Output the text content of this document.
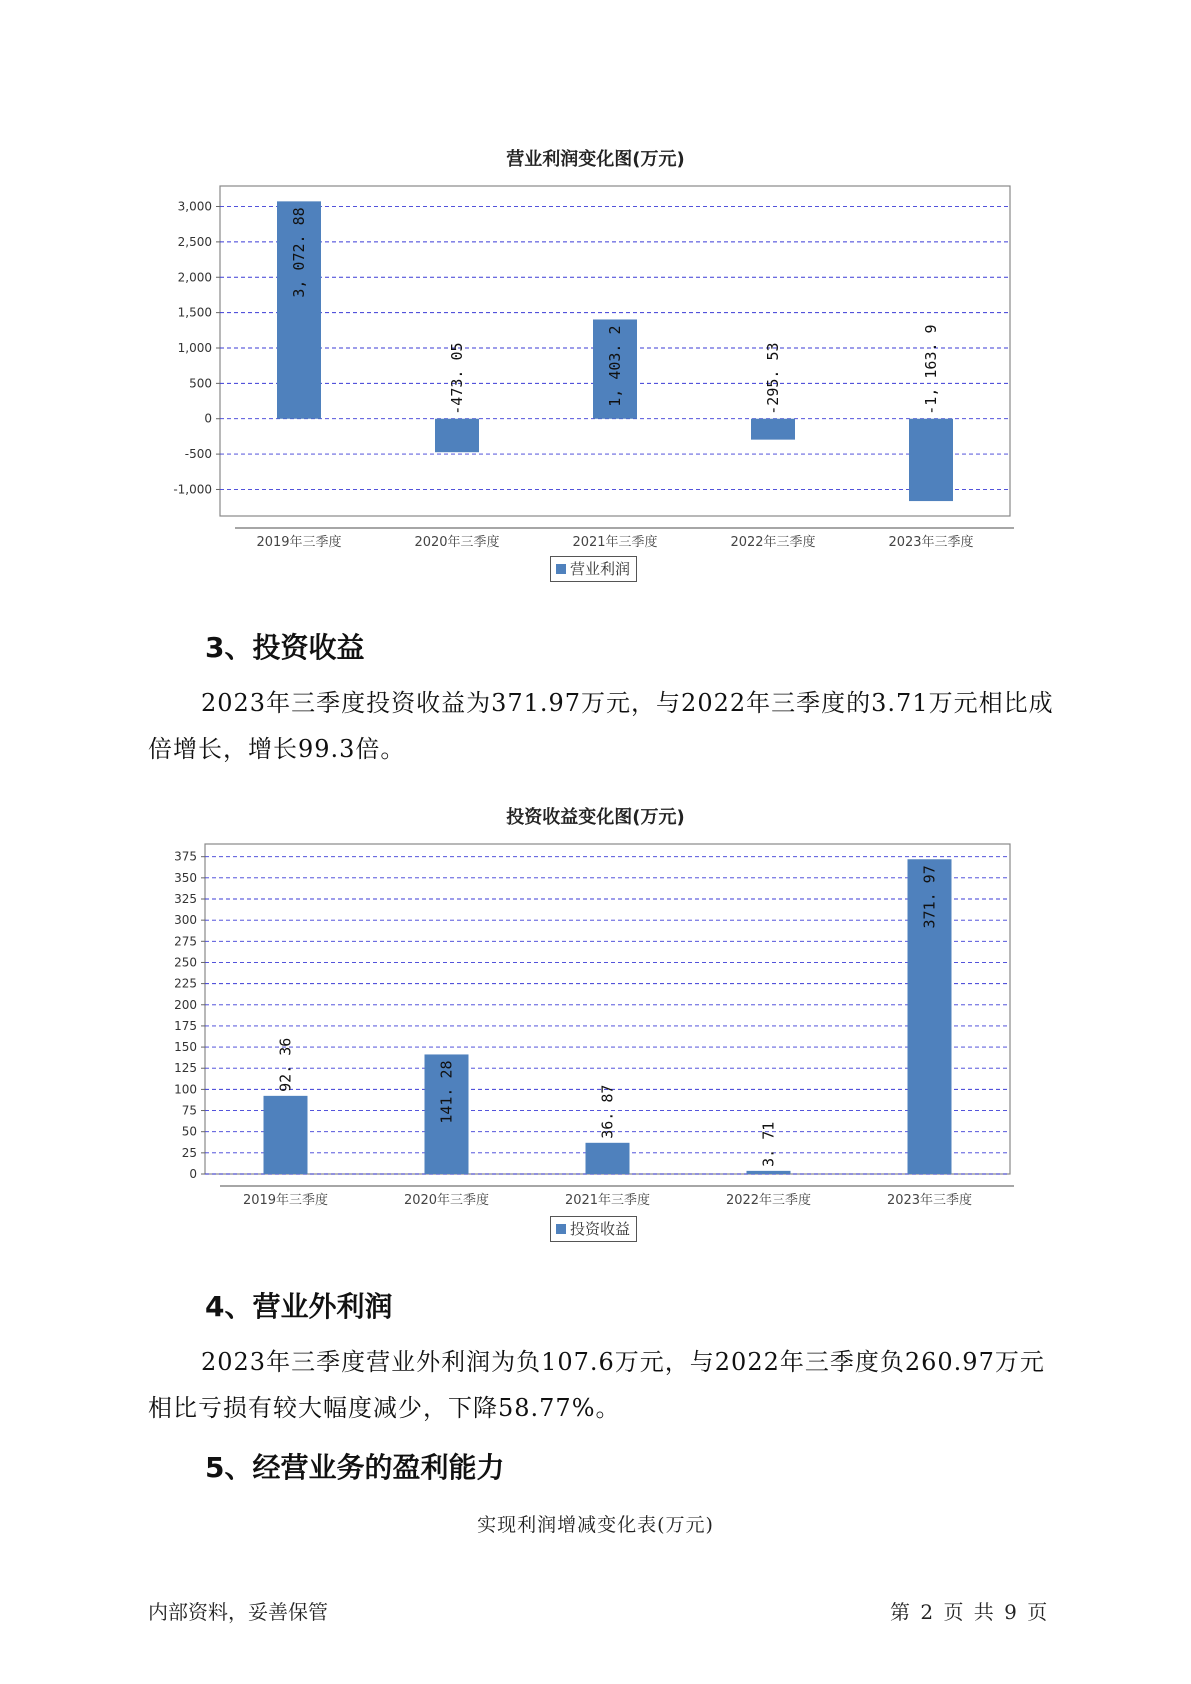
营业利润变化图(万元)
3,000
2,500
2,000
1,500
1,000
500
0
-500
-1,000
2019年三季度
3, 072. 88
2020年三季度
-473. 05
2021年三季度
1, 403. 2
2022年三季度
-295. 53
2023年三季度
-1, 163. 9
营业利润
3、投资收益

2023年三季度投资收益为371.97万元，与2022年三季度的3.71万元相比成倍增长，增长99.3倍。

投资收益变化图(万元)
375
350
325
300
275
250
225
200
175
150
125
100
75
50
25
0
2019年三季度
92. 36
2020年三季度
141. 28
2021年三季度
36. 87
2022年三季度
3. 71
2023年三季度
371. 97
投资收益
4、营业外利润

2023年三季度营业外利润为负107.6万元，与2022年三季度负260.97万元相比亏损有较大幅度减少，下降58.77%。

5、经营业务的盈利能力

实现利润增减变化表(万元)

内部资料，妥善保管	第 2 页 共 9 页
